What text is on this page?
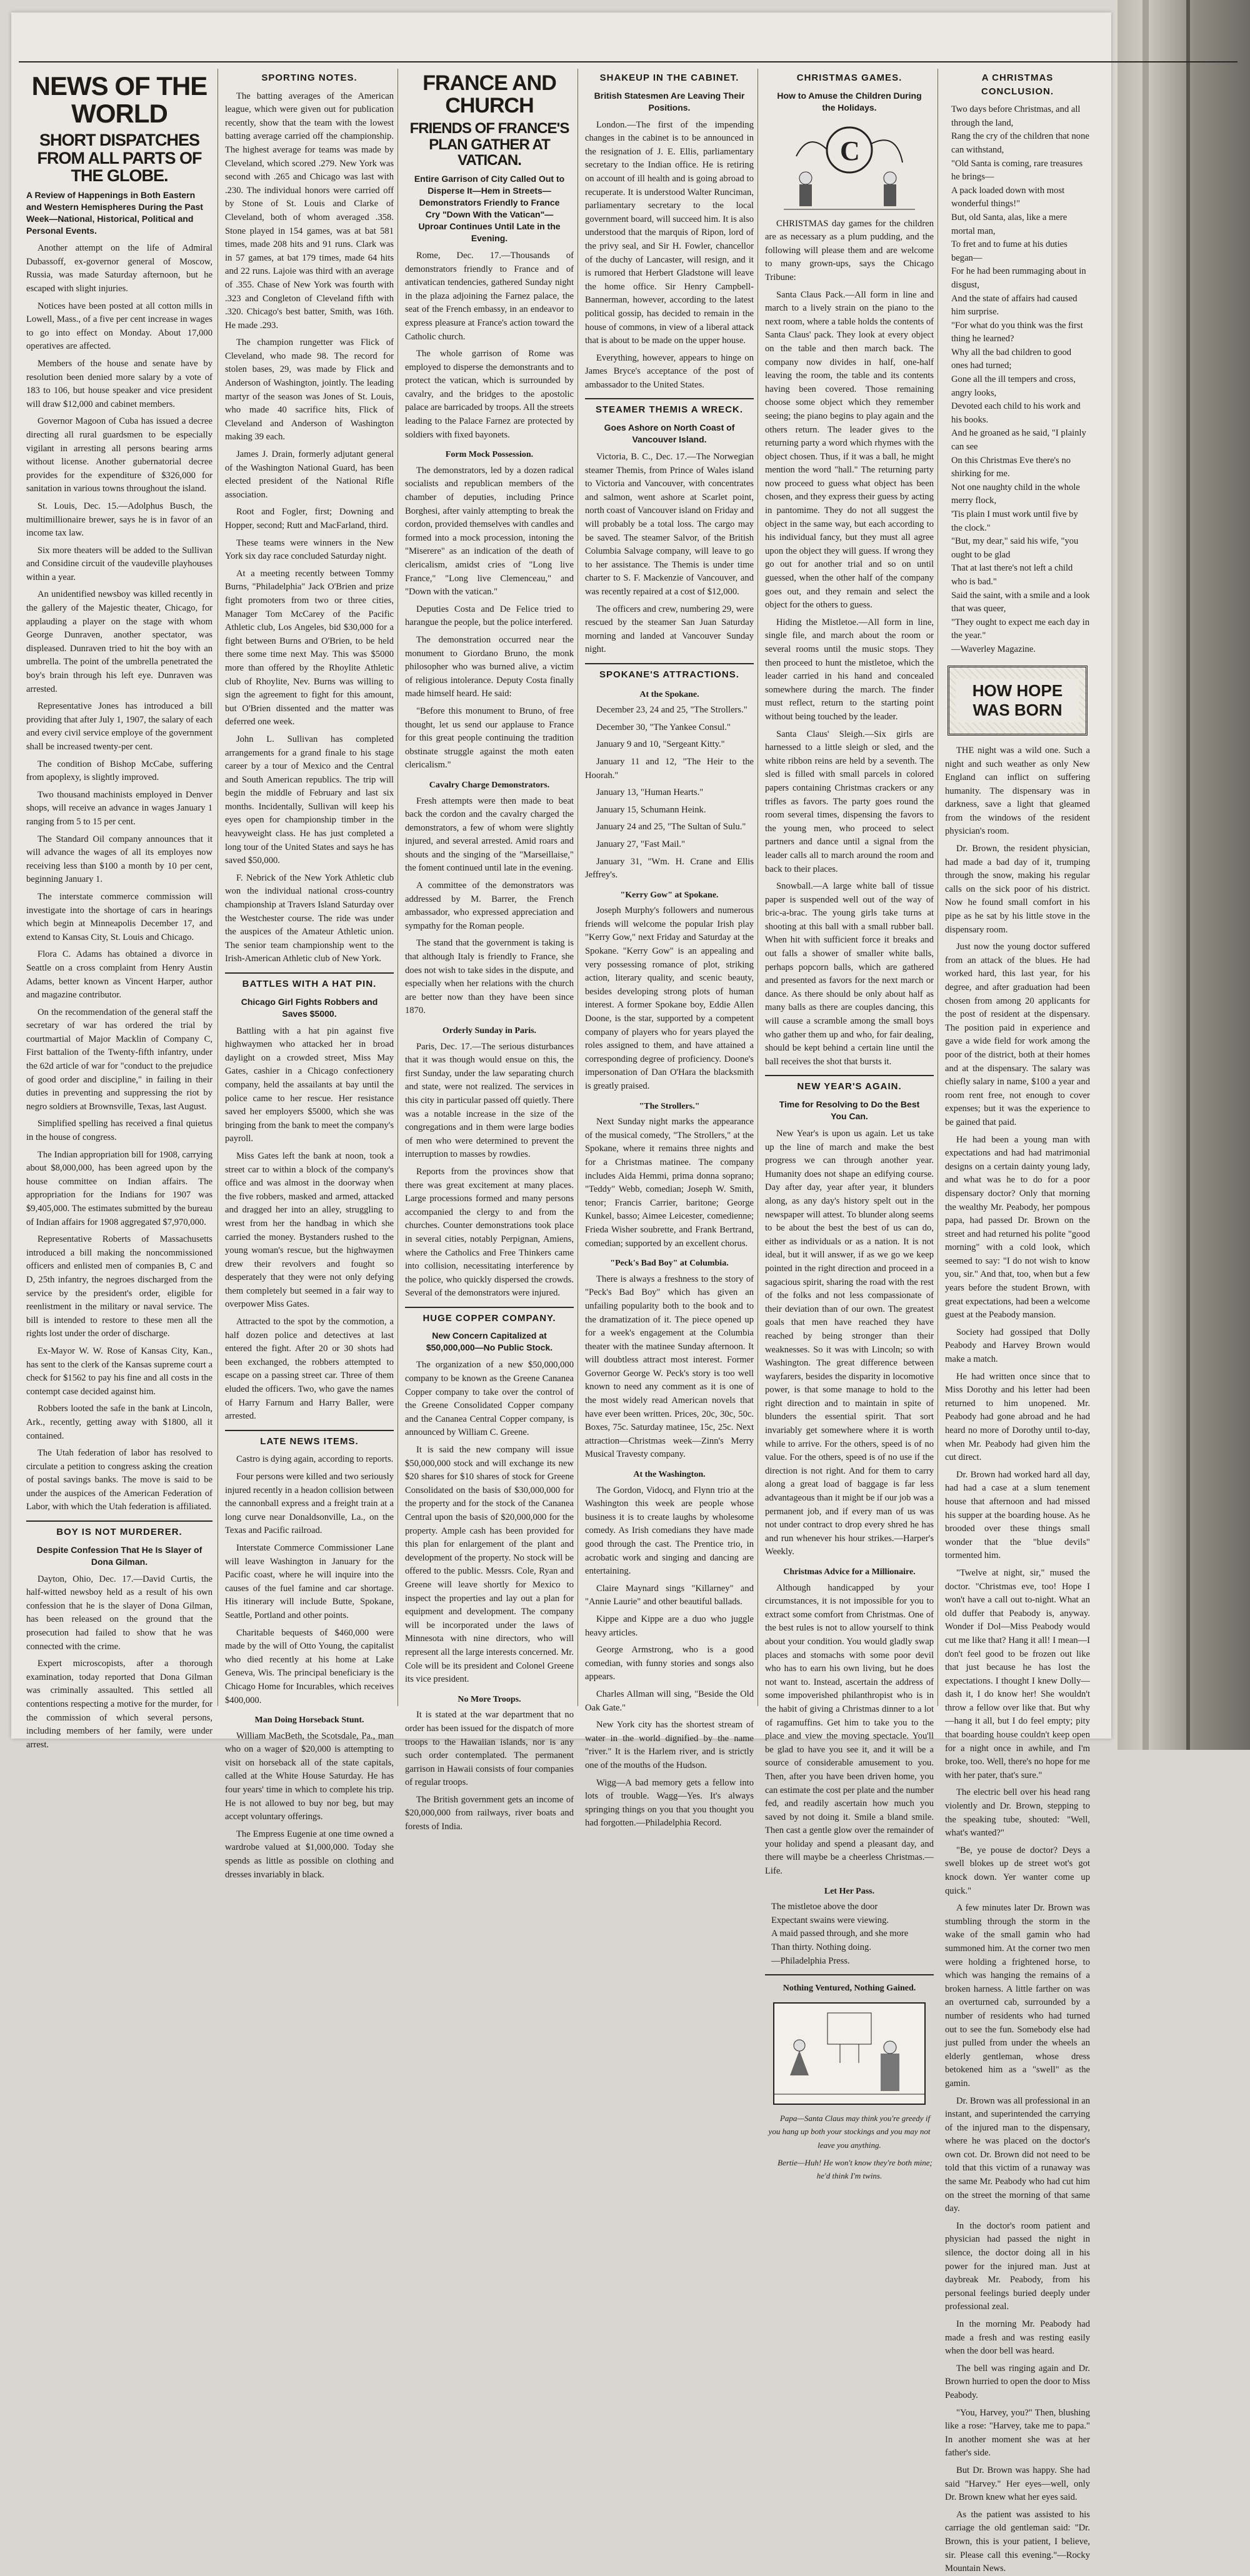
NEWS OF THE WORLD
SHORT DISPATCHES FROM ALL PARTS OF THE GLOBE.
A Review of Happenings in Both Eastern and Western Hemispheres During the Past Week—National, Historical, Political and Personal Events.

Another attempt on the life of Admiral Dubassoff, ex-governor general of Moscow, Russia, was made Saturday afternoon, but he escaped with slight injuries.

Notices have been posted at all cotton mills in Lowell, Mass., of a five per cent increase in wages to go into effect on Monday. About 17,000 operatives are affected.

Members of the house and senate have by resolution been denied more salary by a vote of 183 to 106, but house speaker and vice president will draw $12,000 and cabinet members.

Governor Magoon of Cuba has issued a decree directing all rural guardsmen to be especially vigilant in arresting all persons bearing arms without license. Another gubernatorial decree provides for the expenditure of $326,000 for sanitation in various towns throughout the island.

St. Louis, Dec. 15.—Adolphus Busch, the multimillionaire brewer, says he is in favor of an income tax law.

Six more theaters will be added to the Sullivan and Considine circuit of the vaudeville playhouses within a year.

An unidentified newsboy was killed recently in the gallery of the Majestic theater, Chicago, for applauding a player on the stage with whom George Dunraven, another spectator, was displeased. Dunraven tried to hit the boy with an umbrella. The point of the umbrella penetrated the boy's brain through his left eye. Dunraven was arrested.

Representative Jones has introduced a bill providing that after July 1, 1907, the salary of each and every civil service employe of the government shall be increased twenty-per cent.

The condition of Bishop McCabe, suffering from apoplexy, is slightly improved.

Two thousand machinists employed in Denver shops, will receive an advance in wages January 1 ranging from 5 to 15 per cent.

The Standard Oil company announces that it will advance the wages of all its employes now receiving less than $100 a month by 10 per cent, beginning January 1.

The interstate commerce commission will investigate into the shortage of cars in hearings which begin at Minneapolis December 17, and extend to Kansas City, St. Louis and Chicago.

Flora C. Adams has obtained a divorce in Seattle on a cross complaint from Henry Austin Adams, better known as Vincent Harper, author and magazine contributor.

On the recommendation of the general staff the secretary of war has ordered the trial by courtmartial of Major Macklin of Company C, First battalion of the Twenty-fifth infantry, under the 62d article of war for "conduct to the prejudice of good order and discipline," in failing in their duties in preventing and suppressing the riot by negro soldiers at Brownsville, Texas, last August.

Simplified spelling has received a final quietus in the house of congress.

The Indian appropriation bill for 1908, carrying about $8,000,000, has been agreed upon by the house committee on Indian affairs. The appropriation for the Indians for 1907 was $9,405,000. The estimates submitted by the bureau of Indian affairs for 1908 aggregated $7,970,000.

Representative Roberts of Massachusetts introduced a bill making the noncommissioned officers and enlisted men of companies B, C and D, 25th infantry, the negroes discharged from the service by the president's order, eligible for reenlistment in the military or naval service. The bill is intended to restore to these men all the rights lost under the order of discharge.

Ex-Mayor W. W. Rose of Kansas City, Kan., has sent to the clerk of the Kansas supreme court a check for $1562 to pay his fine and all costs in the contempt case decided against him.

Robbers looted the safe in the bank at Lincoln, Ark., recently, getting away with $1800, all it contained.

The Utah federation of labor has resolved to circulate a petition to congress asking the creation of postal savings banks. The move is said to be under the auspices of the American Federation of Labor, with which the Utah federation is affiliated.

BOY IS NOT MURDERER.
Despite Confession That He Is Slayer of Dona Gilman.

Dayton, Ohio, Dec. 17.—David Curtis, the half-witted newsboy held as a result of his own confession that he is the slayer of Dona Gilman, has been released on the ground that the prosecution had failed to show that he was connected with the crime.

Expert microscopists, after a thorough examination, today reported that Dona Gilman was criminally assaulted. This settled all contentions respecting a motive for the murder, for the commission of which several persons, including members of her family, were under arrest.

SPORTING NOTES.

The batting averages of the American league, which were given out for publication recently, show that the team with the lowest batting average carried off the championship. The highest average for teams was made by Cleveland, which scored .279. New York was second with .265 and Chicago was last with .230. The individual honors were carried off by Stone of St. Louis and Clarke of Cleveland, both of whom averaged .358. Stone played in 154 games, was at bat 581 times, made 208 hits and 91 runs. Clark was in 57 games, at bat 179 times, made 64 hits and 22 runs. Lajoie was third with an average of .355. Chase of New York was fourth with .323 and Congleton of Cleveland fifth with .320. Chicago's best batter, Smith, was 16th. He made .293.

The champion rungetter was Flick of Cleveland, who made 98. The record for stolen bases, 29, was made by Flick and Anderson of Washington, jointly. The leading martyr of the season was Jones of St. Louis, who made 40 sacrifice hits, Flick of Cleveland and Anderson of Washington making 39 each.

James J. Drain, formerly adjutant general of the Washington National Guard, has been elected president of the National Rifle association.

Root and Fogler, first; Downing and Hopper, second; Rutt and MacFarland, third.

These teams were winners in the New York six day race concluded Saturday night.

At a meeting recently between Tommy Burns, "Philadelphia" Jack O'Brien and prize fight promoters from two or three cities, Manager Tom McCarey of the Pacific Athletic club, Los Angeles, bid $30,000 for a fight between Burns and O'Brien, to be held there some time next May. This was $5000 more than offered by the Rhoylite Athletic club of Rhoylite, Nev. Burns was willing to sign the agreement to fight for this amount, but O'Brien dissented and the matter was deferred one week.

John L. Sullivan has completed arrangements for a grand finale to his stage career by a tour of Mexico and the Central and South American republics. The trip will begin the middle of February and last six months. Incidentally, Sullivan will keep his eyes open for championship timber in the heavyweight class. He has just completed a long tour of the United States and says he has saved $50,000.

F. Nebrick of the New York Athletic club won the individual national cross-country championship at Travers Island Saturday over the Westchester course. The ride was under the auspices of the Amateur Athletic union. The senior team championship went to the Irish-American Athletic club of New York.

BATTLES WITH A HAT PIN.
Chicago Girl Fights Robbers and Saves $5000.

Battling with a hat pin against five highwaymen who attacked her in broad daylight on a crowded street, Miss May Gates, cashier in a Chicago confectionery company, held the assailants at bay until the police came to her rescue. Her resistance saved her employers $5000, which she was bringing from the bank to meet the company's payroll.

Miss Gates left the bank at noon, took a street car to within a block of the company's office and was almost in the doorway when the five robbers, masked and armed, attacked and dragged her into an alley, struggling to wrest from her the handbag in which she carried the money. Bystanders rushed to the young woman's rescue, but the highwaymen drew their revolvers and fought so desperately that they were not only defying them completely but seemed in a fair way to overpower Miss Gates.

Attracted to the spot by the commotion, a half dozen police and detectives at last entered the fight. After 20 or 30 shots had been exchanged, the robbers attempted to escape on a passing street car. Three of them eluded the officers. Two, who gave the names of Harry Farnum and Harry Baller, were arrested.

LATE NEWS ITEMS.

Castro is dying again, according to reports.

Four persons were killed and two seriously injured recently in a headon collision between the cannonball express and a freight train at a long curve near Donaldsonville, La., on the Texas and Pacific railroad.

Interstate Commerce Commissioner Lane will leave Washington in January for the Pacific coast, where he will inquire into the causes of the fuel famine and car shortage. His itinerary will include Butte, Spokane, Seattle, Portland and other points.

Charitable bequests of $460,000 were made by the will of Otto Young, the capitalist who died recently at his home at Lake Geneva, Wis. The principal beneficiary is the Chicago Home for Incurables, which receives $400,000.

Man Doing Horseback Stunt.

William MacBeth, the Scotsdale, Pa., man who on a wager of $20,000 is attempting to visit on horseback all of the state capitals, called at the White House Saturday. He has four years' time in which to complete his trip. He is not allowed to buy nor beg, but may accept voluntary offerings.

The Empress Eugenie at one time owned a wardrobe valued at $1,000,000. Today she spends as little as possible on clothing and dresses invariably in black.

FRANCE AND CHURCH
FRIENDS OF FRANCE'S PLAN GATHER AT VATICAN.
Entire Garrison of City Called Out to Disperse It—Hem in Streets—Demonstrators Friendly to France Cry "Down With the Vatican"—Uproar Continues Until Late in the Evening.

Rome, Dec. 17.—Thousands of demonstrators friendly to France and of antivatican tendencies, gathered Sunday night in the plaza adjoining the Farnez palace, the seat of the French embassy, in an endeavor to express pleasure at France's action toward the Catholic church.

The whole garrison of Rome was employed to disperse the demonstrants and to protect the vatican, which is surrounded by cavalry, and the bridges to the apostolic palace are barricaded by troops. All the streets leading to the Palace Farnez are protected by soldiers with fixed bayonets.

Form Mock Possession.

The demonstrators, led by a dozen radical socialists and republican members of the chamber of deputies, including Prince Borghesi, after vainly attempting to break the cordon, provided themselves with candles and formed into a mock procession, intoning the "Miserere" as an indication of the death of clericalism, amidst cries of "Long live France," "Long live Clemenceau," and "Down with the vatican."

Deputies Costa and De Felice tried to harangue the people, but the police interfered.

The demonstration occurred near the monument to Giordano Bruno, the monk philosopher who was burned alive, a victim of religious intolerance. Deputy Costa finally made himself heard. He said:

"Before this monument to Bruno, of free thought, let us send our applause to France for this great people continuing the tradition obstinate struggle against the moth eaten clericalism."

Cavalry Charge Demonstrators.

Fresh attempts were then made to beat back the cordon and the cavalry charged the demonstrators, a few of whom were slightly injured, and several arrested. Amid roars and shouts and the singing of the "Marseillaise," the foment continued until late in the evening.

A committee of the demonstrators was addressed by M. Barrer, the French ambassador, who expressed appreciation and sympathy for the Roman people.

The stand that the government is taking is that although Italy is friendly to France, she does not wish to take sides in the dispute, and especially when her relations with the church are better now than they have been since 1870.

Orderly Sunday in Paris.

Paris, Dec. 17.—The serious disturbances that it was though would ensue on this, the first Sunday, under the law separating church and state, were not realized. The services in this city in particular passed off quietly. There was a notable increase in the size of the congregations and in them were large bodies of men who were determined to prevent the interruption to masses by rowdies.

Reports from the provinces show that there was great excitement at many places. Large processions formed and many persons accompanied the clergy to and from the churches. Counter demonstrations took place in several cities, notably Perpignan, Amiens, where the Catholics and Free Thinkers came into collision, necessitating interference by the police, who quickly dispersed the crowds. Several of the demonstrators were injured.

HUGE COPPER COMPANY.
New Concern Capitalized at $50,000,000—No Public Stock.

The organization of a new $50,000,000 company to be known as the Greene Cananea Copper company to take over the control of the Greene Consolidated Copper company and the Cananea Central Copper company, is announced by William C. Greene.

It is said the new company will issue $50,000,000 stock and will exchange its new $20 shares for $10 shares of stock for Greene Consolidated on the basis of $30,000,000 for the property and for the stock of the Cananea Central upon the basis of $20,000,000 for the property. Ample cash has been provided for this plan for enlargement of the plant and development of the property. No stock will be offered to the public. Messrs. Cole, Ryan and Greene will leave shortly for Mexico to inspect the properties and lay out a plan for equipment and development. The company will be incorporated under the laws of Minnesota with nine directors, who will represent all the large interests concerned. Mr. Cole will be its president and Colonel Greene its vice president.

No More Troops.

It is stated at the war department that no order has been issued for the dispatch of more troops to the Hawaiian islands, nor is any such order contemplated. The permanent garrison in Hawaii consists of four companies of regular troops.

The British government gets an income of $20,000,000 from railways, river boats and forests of India.

SHAKEUP IN THE CABINET.
British Statesmen Are Leaving Their Positions.

London.—The first of the impending changes in the cabinet is to be announced in the resignation of J. E. Ellis, parliamentary secretary to the Indian office. He is retiring on account of ill health and is going abroad to recuperate. It is understood Walter Runciman, parliamentary secretary to the local government board, will succeed him. It is also understood that the marquis of Ripon, lord of the privy seal, and Sir H. Fowler, chancellor of the duchy of Lancaster, will resign, and it is rumored that Herbert Gladstone will leave the home office. Sir Henry Campbell-Bannerman, however, according to the latest political gossip, has decided to remain in the house of commons, in view of a liberal attack that is about to be made on the upper house.

Everything, however, appears to hinge on James Bryce's acceptance of the post of ambassador to the United States.

STEAMER THEMIS A WRECK.
Goes Ashore on North Coast of Vancouver Island.

Victoria, B. C., Dec. 17.—The Norwegian steamer Themis, from Prince of Wales island to Victoria and Vancouver, with concentrates and salmon, went ashore at Scarlet point, north coast of Vancouver island on Friday and will probably be a total loss. The cargo may be saved. The steamer Salvor, of the British Columbia Salvage company, will leave to go to her assistance. The Themis is under time charter to S. F. Mackenzie of Vancouver, and was recently repaired at a cost of $12,000.

The officers and crew, numbering 29, were rescued by the steamer San Juan Saturday morning and landed at Vancouver Sunday night.

SPOKANE'S ATTRACTIONS.
At the Spokane.

December 23, 24 and 25, "The Strollers."

December 30, "The Yankee Consul."

January 9 and 10, "Sergeant Kitty."

January 11 and 12, "The Heir to the Hoorah."

January 13, "Human Hearts."

January 15, Schumann Heink.

January 24 and 25, "The Sultan of Sulu."

January 27, "Fast Mail."

January 31, "Wm. H. Crane and Ellis Jeffrey's.

"Kerry Gow" at Spokane.

Joseph Murphy's followers and numerous friends will welcome the popular Irish play "Kerry Gow," next Friday and Saturday at the Spokane. "Kerry Gow" is an appealing and very possessing romance of plot, striking action, literary quality, and scenic beauty, besides developing strong plots of human interest. A former Spokane boy, Eddie Allen Doone, is the star, supported by a competent company of players who for years played the roles assigned to them, and have attained a corresponding degree of proficiency. Doone's impersonation of Dan O'Hara the blacksmith is greatly praised.

"The Strollers."

Next Sunday night marks the appearance of the musical comedy, "The Strollers," at the Spokane, where it remains three nights and for a Christmas matinee. The company includes Aida Hemmi, prima donna soprano; "Teddy" Webb, comedian; Joseph W. Smith, tenor; Francis Carrier, baritone; George Kunkel, basso; Aimee Leicester, comedienne; Frieda Wisher soubrette, and Frank Bertrand, comedian; supported by an excellent chorus.

"Peck's Bad Boy" at Columbia.

There is always a freshness to the story of "Peck's Bad Boy" which has given an unfailing popularity both to the book and to the dramatization of it. The piece opened up for a week's engagement at the Columbia theater with the matinee Sunday afternoon. It will doubtless attract most interest. Former Governor George W. Peck's story is too well known to need any comment as it is one of the most widely read American novels that have ever been written. Prices, 20c, 30c, 50c. Boxes, 75c. Saturday matinee, 15c, 25c. Next attraction—Christmas week—Zinn's Merry Musical Travesty company.

At the Washington.

The Gordon, Vidocq, and Flynn trio at the Washington this week are people whose business it is to create laughs by wholesome comedy. As Irish comedians they have made good through the cast. The Prentice trio, in acrobatic work and singing and dancing are entertaining.

Claire Maynard sings "Killarney" and "Annie Laurie" and other beautiful ballads.

Kippe and Kippe are a duo who juggle heavy articles.

George Armstrong, who is a good comedian, with funny stories and songs also appears.

Charles Allman will sing, "Beside the Old Oak Gate."

New York city has the shortest stream of water in the world dignified by the name "river." It is the Harlem river, and is strictly one of the mouths of the Hudson.

Wigg—A bad memory gets a fellow into lots of trouble. Wagg—Yes. It's always springing things on you that you thought you had forgotten.—Philadelphia Record.

CHRISTMAS GAMES.
How to Amuse the Children During the Holidays.
C

CHRISTMAS day games for the children are as necessary as a plum pudding, and the following will please them and are welcome to many grown-ups, says the Chicago Tribune:

Santa Claus Pack.—All form in line and march to a lively strain on the piano to the next room, where a table holds the contents of Santa Claus' pack. They look at every object on the table and then march back. The company now divides in half, one-half leaving the room, the table and its contents having been covered. Those remaining choose some object which they remember seeing; the piano begins to play again and the others return. The leader gives to the returning party a word which rhymes with the object chosen. Thus, if it was a ball, he might mention the word "hall." The returning party now proceed to guess what object has been chosen, and they express their guess by acting in pantomime. They do not all suggest the object in the same way, but each according to his individual fancy, but they must all agree upon the object they will guess. If wrong they go out for another trial and so on until guessed, when the other half of the company goes out, and they remain and select the object for the others to guess.

Hiding the Mistletoe.—All form in line, single file, and march about the room or several rooms until the music stops. They then proceed to hunt the mistletoe, which the leader carried in his hand and concealed somewhere during the march. The finder must reflect, return to the starting point without being touched by the leader.

Santa Claus' Sleigh.—Six girls are harnessed to a little sleigh or sled, and the white ribbon reins are held by a seventh. The sled is filled with small parcels in colored papers containing Christmas crackers or any trifles as favors. The party goes round the room several times, dispensing the favors to the young men, who proceed to select partners and dance until a signal from the leader calls all to march around the room and back to their places.

Snowball.—A large white ball of tissue paper is suspended well out of the way of bric-a-brac. The young girls take turns at shooting at this ball with a small rubber ball. When hit with sufficient force it breaks and out falls a shower of smaller white balls, perhaps popcorn balls, which are gathered and presented as favors for the next march or dance. As there should be only about half as many balls as there are couples dancing, this will cause a scramble among the small boys who gather them up and who, for fair dealing, should be kept behind a certain line until the ball receives the shot that bursts it.

NEW YEAR'S AGAIN.
Time for Resolving to Do the Best You Can.

New Year's is upon us again. Let us take up the line of march and make the best progress we can through another year. Humanity does not shape an edifying course. Day after day, year after year, it blunders along, as any day's history spelt out in the newspaper will attest. To blunder along seems to be about the best the best of us can do, either as individuals or as a nation. It is not ideal, but it will answer, if as we go we keep pointed in the right direction and proceed in a sagacious spirit, sharing the road with the rest of the folks and not less compassionate of their deviation than of our own. The greatest goals that men have reached they have reached by being stronger than their weaknesses. So it was with Lincoln; so with Washington. The great difference between wayfarers, besides the disparity in locomotive power, is that some manage to hold to the right direction and to maintain in spite of blunders the essential spirit. That sort invariably get somewhere where it is worth while to arrive. For the others, speed is of no value. For the others, speed is of no use if the direction is not right. And for them to carry along a great load of baggage is far less advantageous than it might be if our job was a permanent job, and if every man of us was not under contract to drop every shred he has and run whenever his hour strikes.—Harper's Weekly.

Christmas Advice for a Millionaire.

Although handicapped by your circumstances, it is not impossible for you to extract some comfort from Christmas. One of the best rules is not to allow yourself to think about your condition. You would gladly swap places and stomachs with some poor devil who has to earn his own living, but he does not want to. Instead, ascertain the address of some impoverished philanthropist who is in the habit of giving a Christmas dinner to a lot of ragamuffins. Get him to take you to the place and view the moving spectacle. You'll be glad to have you see it, and it will be a source of considerable amusement to you. Then, after you have been driven home, you can estimate the cost per plate and the number fed, and readily ascertain how much you saved by not doing it. Smile a bland smile. Then cast a gentle glow over the remainder of your holiday and spend a pleasant day, and there will maybe be a cheerless Christmas.—Life.

Let Her Pass.

The mistletoe above the door

Expectant swains were viewing.

A maid passed through, and she more

Than thirty. Nothing doing.

—Philadelphia Press.

Nothing Ventured, Nothing Gained.

Papa—Santa Claus may think you're greedy if you hang up both your stockings and you may not leave you anything.

Bertie—Huh! He won't know they're both mine; he'd think I'm twins.

A CHRISTMAS CONCLUSION.

Two days before Christmas, and all through the land,

Rang the cry of the children that none can withstand,

"Old Santa is coming, rare treasures he brings—

A pack loaded down with most wonderful things!"

But, old Santa, alas, like a mere mortal man,

To fret and to fume at his duties began—

For he had been rummaging about in disgust,

And the state of affairs had caused him surprise.

"For what do you think was the first thing he learned?

Why all the bad children to good ones had turned;

Gone all the ill tempers and cross, angry looks,

Devoted each child to his work and his books.

And he groaned as he said, "I plainly can see

On this Christmas Eve there's no shirking for me.

Not one naughty child in the whole merry flock,

'Tis plain I must work until five by the clock."

"But, my dear," said his wife, "you ought to be glad

That at last there's not left a child who is bad."

Said the saint, with a smile and a look that was queer,

"They ought to expect me each day in the year."

—Waverley Magazine.

HOW HOPE WAS BORN

THE night was a wild one. Such a night and such weather as only New England can inflict on suffering humanity. The dispensary was in darkness, save a light that gleamed from the windows of the resident physician's room.

Dr. Brown, the resident physician, had made a bad day of it, trumping through the snow, making his regular calls on the sick poor of his district. Now he found small comfort in his pipe as he sat by his little stove in the dispensary room.

Just now the young doctor suffered from an attack of the blues. He had worked hard, this last year, for his degree, and after graduation had been chosen from among 20 applicants for the post of resident at the dispensary. The position paid in experience and gave a wide field for work among the poor of the district, both at their homes and at the dispensary. The salary was chiefly salary in name, $100 a year and room rent free, not enough to cover expenses; but it was the experience to be gained that paid.

He had been a young man with expectations and had had matrimonial designs on a certain dainty young lady, and what was he to do for a poor dispensary doctor? Only that morning the wealthy Mr. Peabody, her pompous papa, had passed Dr. Brown on the street and had returned his polite "good morning" with a cold look, which seemed to say: "I do not wish to know you, sir." And that, too, when but a few years before the student Brown, with great expectations, had been a welcome guest at the Peabody mansion.

Society had gossiped that Dolly Peabody and Harvey Brown would make a match.

He had written once since that to Miss Dorothy and his letter had been returned to him unopened. Mr. Peabody had gone abroad and he had heard no more of Dorothy until to-day, when Mr. Peabody had given him the cut direct.

Dr. Brown had worked hard all day, had had a case at a slum tenement house that afternoon and had missed his supper at the boarding house. As he brooded over these things small wonder that the "blue devils" tormented him.

"Twelve at night, sir," mused the doctor. "Christmas eve, too! Hope I won't have a call out to-night. What an old duffer that Peabody is, anyway. Wonder if Dol—Miss Peabody would cut me like that? Hang it all! I mean—I don't feel good to be frozen out like that just because he has lost the expectations. I thought I knew Dolly—dash it, I do know her! She wouldn't throw a fellow over like that. But why—hang it all, but I do feel empty; pity that boarding house couldn't keep open for a night once in awhile, and I'm broke, too. Well, there's no hope for me with her pater, that's sure."

The electric bell over his head rang violently and Dr. Brown, stepping to the speaking tube, shouted: "Well, what's wanted?"

"Be, ye pouse de doctor? Deys a swell blokes up de street wot's got knock down. Yer wanter come up quick."

A few minutes later Dr. Brown was stumbling through the storm in the wake of the small gamin who had summoned him. At the corner two men were holding a frightened horse, to which was hanging the remains of a broken harness. A little farther on was an overturned cab, surrounded by a number of residents who had turned out to see the fun. Somebody else had just pulled from under the wheels an elderly gentleman, whose dress betokened him as a "swell" as the gamin.

Dr. Brown was all professional in an instant, and superintended the carrying of the injured man to the dispensary, where he was placed on the doctor's own cot. Dr. Brown did not need to be told that this victim of a runaway was the same Mr. Peabody who had cut him on the street the morning of that same day.

In the doctor's room patient and physician had passed the night in silence, the doctor doing all in his power for the injured man. Just at daybreak Mr. Peabody, from his personal feelings buried deeply under professional zeal.

In the morning Mr. Peabody had made a fresh and was resting easily when the door bell was heard.

The bell was ringing again and Dr. Brown hurried to open the door to Miss Peabody.

"You, Harvey, you?" Then, blushing like a rose: "Harvey, take me to papa." In another moment she was at her father's side.

But Dr. Brown was happy. She had said "Harvey." Her eyes—well, only Dr. Brown knew what her eyes said.

As the patient was assisted to his carriage the old gentleman said: "Dr. Brown, this is your patient, I believe, sir. Please call this evening."—Rocky Mountain News.
